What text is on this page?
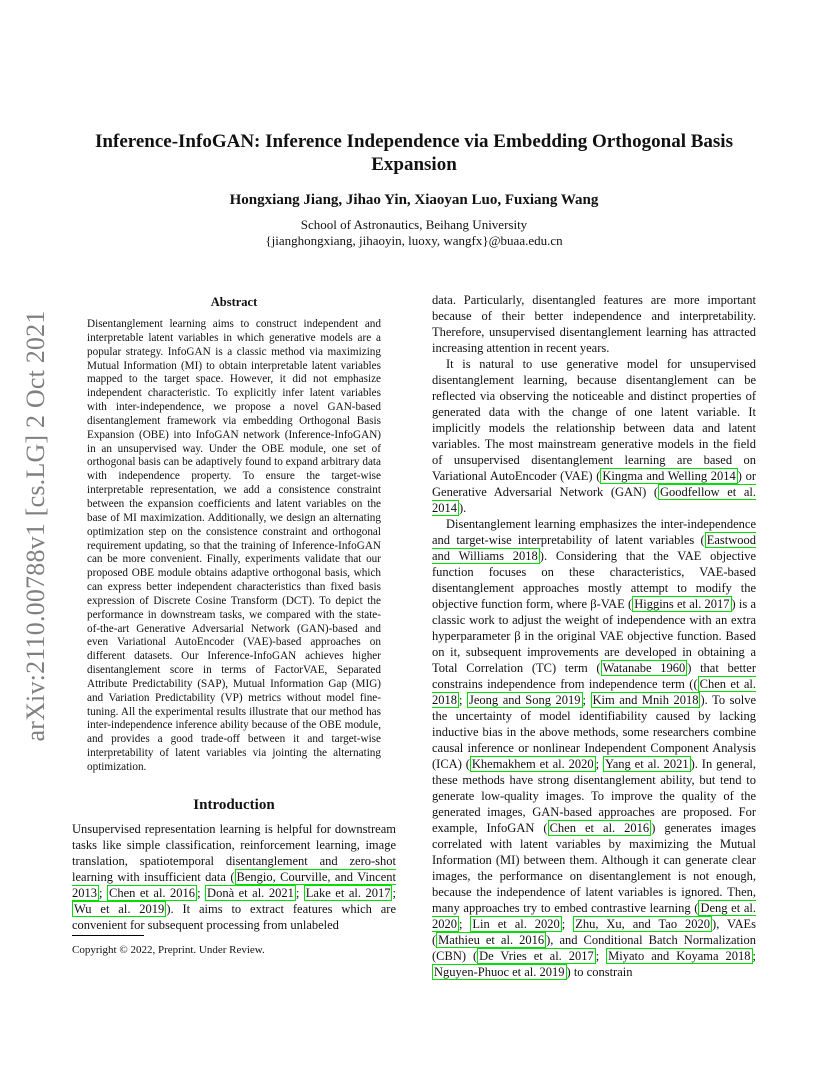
arXiv:2110.00788v1 [cs.LG] 2 Oct 2021
Inference-InfoGAN: Inference Independence via Embedding Orthogonal Basis Expansion
Hongxiang Jiang, Jihao Yin, Xiaoyan Luo, Fuxiang Wang
School of Astronautics, Beihang University
{jianghongxiang, jihaoyin, luoxy, wangfx}@buaa.edu.cn
Abstract

Disentanglement learning aims to construct independent and interpretable latent variables in which generative models are a popular strategy. InfoGAN is a classic method via maximizing Mutual Information (MI) to obtain interpretable latent variables mapped to the target space. However, it did not emphasize independent characteristic. To explicitly infer latent variables with inter-independence, we propose a novel GAN-based disentanglement framework via embedding Orthogonal Basis Expansion (OBE) into InfoGAN network (Inference-InfoGAN) in an unsupervised way. Under the OBE module, one set of orthogonal basis can be adaptively found to expand arbitrary data with independence property. To ensure the target-wise interpretable representation, we add a consistence constraint between the expansion coefficients and latent variables on the base of MI maximization. Additionally, we design an alternating optimization step on the consistence constraint and orthogonal requirement updating, so that the training of Inference-InfoGAN can be more convenient. Finally, experiments validate that our proposed OBE module obtains adaptive orthogonal basis, which can express better independent characteristics than fixed basis expression of Discrete Cosine Transform (DCT). To depict the performance in downstream tasks, we compared with the state-of-the-art Generative Adversarial Network (GAN)-based and even Variational AutoEncoder (VAE)-based approaches on different datasets. Our Inference-InfoGAN achieves higher disentanglement score in terms of FactorVAE, Separated Attribute Predictability (SAP), Mutual Information Gap (MIG) and Variation Predictability (VP) metrics without model fine-tuning. All the experimental results illustrate that our method has inter-independence inference ability because of the OBE module, and provides a good trade-off between it and target-wise interpretability of latent variables via jointing the alternating optimization.

Introduction

Unsupervised representation learning is helpful for downstream tasks like simple classification, reinforcement learning, image translation, spatiotemporal disentanglement and zero-shot learning with insufficient data ( Bengio, Courville, and Vincent 2013 ; Chen et al. 2016 ; Donà et al. 2021 ; Lake et al. 2017 ; Wu et al. 2019 ). It aims to extract features which are convenient for subsequent processing from unlabeled

Copyright © 2022, Preprint. Under Review.

data. Particularly, disentangled features are more important because of their better independence and interpretability. Therefore, unsupervised disentanglement learning has attracted increasing attention in recent years.

It is natural to use generative model for unsupervised disentanglement learning, because disentanglement can be reflected via observing the noticeable and distinct properties of generated data with the change of one latent variable. It implicitly models the relationship between data and latent variables. The most mainstream generative models in the field of unsupervised disentanglement learning are based on Variational AutoEncoder (VAE) ( Kingma and Welling 2014 ) or Generative Adversarial Network (GAN) ( Goodfellow et al. 2014 ).

Disentanglement learning emphasizes the inter-independence and target-wise interpretability of latent variables ( Eastwood and Williams 2018 ). Considering that the VAE objective function focuses on these characteristics, VAE-based disentanglement approaches mostly attempt to modify the objective function form, where β-VAE ( Higgins et al. 2017 ) is a classic work to adjust the weight of independence with an extra hyperparameter β in the original VAE objective function. Based on it, subsequent improvements are developed in obtaining a Total Correlation (TC) term ( Watanabe 1960 ) that better constrains independence from independence term (( Chen et al. 2018 ; Jeong and Song 2019 ; Kim and Mnih 2018 ). To solve the uncertainty of model identifiability caused by lacking inductive bias in the above methods, some researchers combine causal inference or nonlinear Independent Component Analysis (ICA) ( Khemakhem et al. 2020 ; Yang et al. 2021 ). In general, these methods have strong disentanglement ability, but tend to generate low-quality images. To improve the quality of the generated images, GAN-based approaches are proposed. For example, InfoGAN ( Chen et al. 2016 ) generates images correlated with latent variables by maximizing the Mutual Information (MI) between them. Although it can generate clear images, the performance on disentanglement is not enough, because the independence of latent variables is ignored. Then, many approaches try to embed contrastive learning ( Deng et al. 2020 ; Lin et al. 2020 ; Zhu, Xu, and Tao 2020 ), VAEs ( Mathieu et al. 2016 ), and Conditional Batch Normalization (CBN) ( De Vries et al. 2017 ; Miyato and Koyama 2018 ; Nguyen-Phuoc et al. 2019 ) to constrain
